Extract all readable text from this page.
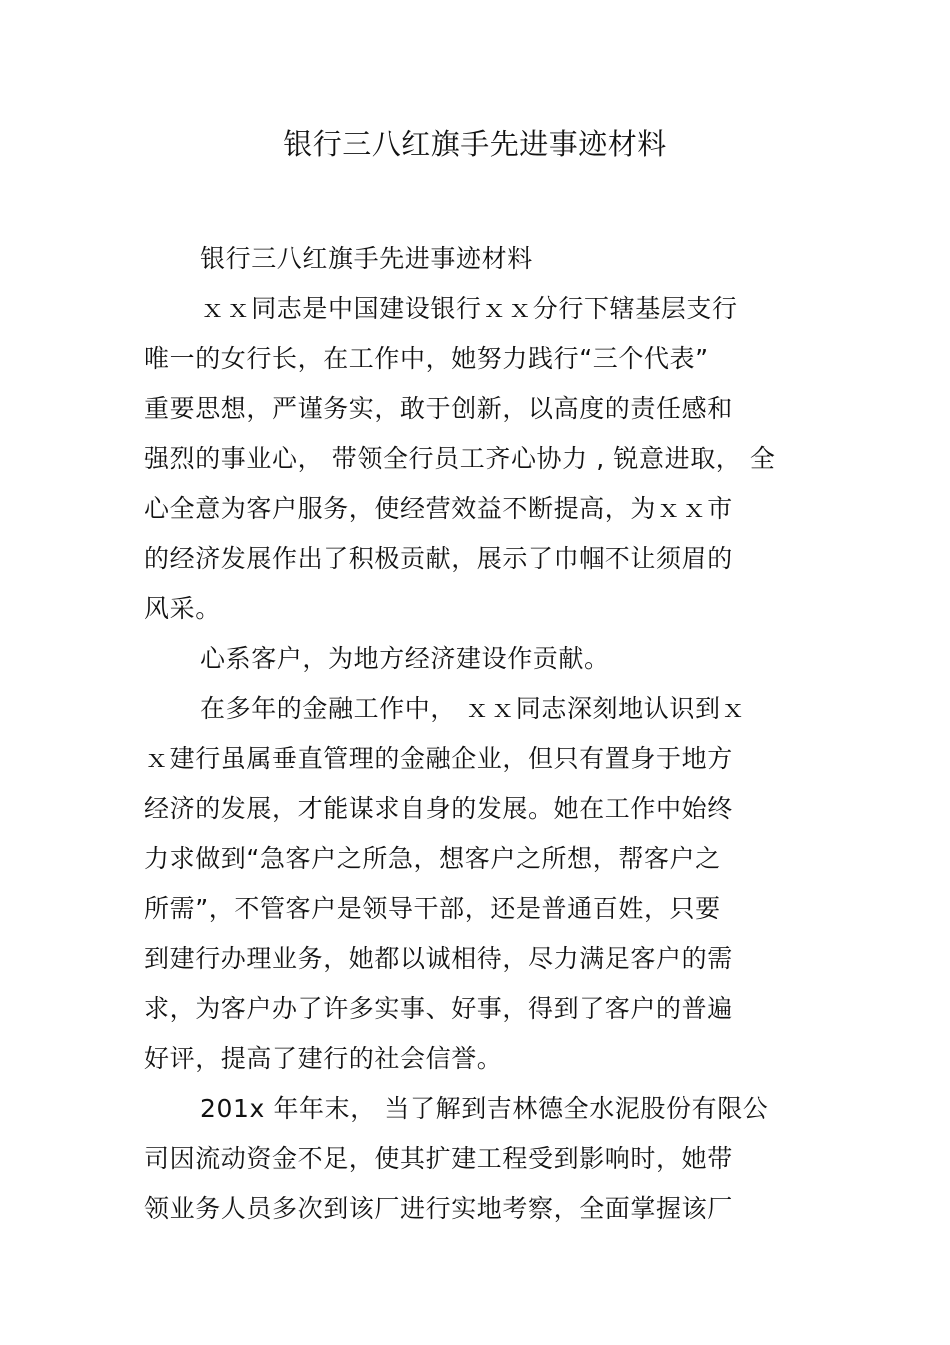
银行三八红旗手先进事迹材料
银行三八红旗手先进事迹材料
ｘｘ同志是中国建设银行ｘｘ分行下辖基层支行
唯一的女行长，在工作中，她努力践行“三个代表”
重要思想，严谨务实，敢于创新，以高度的责任感和
强烈的事业心， 带领全行员工齐心协力 , 锐意进取， 全
心全意为客户服务，使经营效益不断提高，为ｘｘ市
的经济发展作出了积极贡献，展示了巾帼不让须眉的
风采。
心系客户，为地方经济建设作贡献。
在多年的金融工作中， ｘｘ同志深刻地认识到ｘ
ｘ建行虽属垂直管理的金融企业，但只有置身于地方
经济的发展，才能谋求自身的发展。她在工作中始终
力求做到“急客户之所急，想客户之所想，帮客户之
所需”，不管客户是领导干部，还是普通百姓，只要
到建行办理业务，她都以诚相待，尽力满足客户的需
求，为客户办了许多实事、好事，得到了客户的普遍
好评，提高了建行的社会信誉。
201x 年年末， 当了解到吉林德全水泥股份有限公
司因流动资金不足，使其扩建工程受到影响时，她带
领业务人员多次到该厂进行实地考察，全面掌握该厂
